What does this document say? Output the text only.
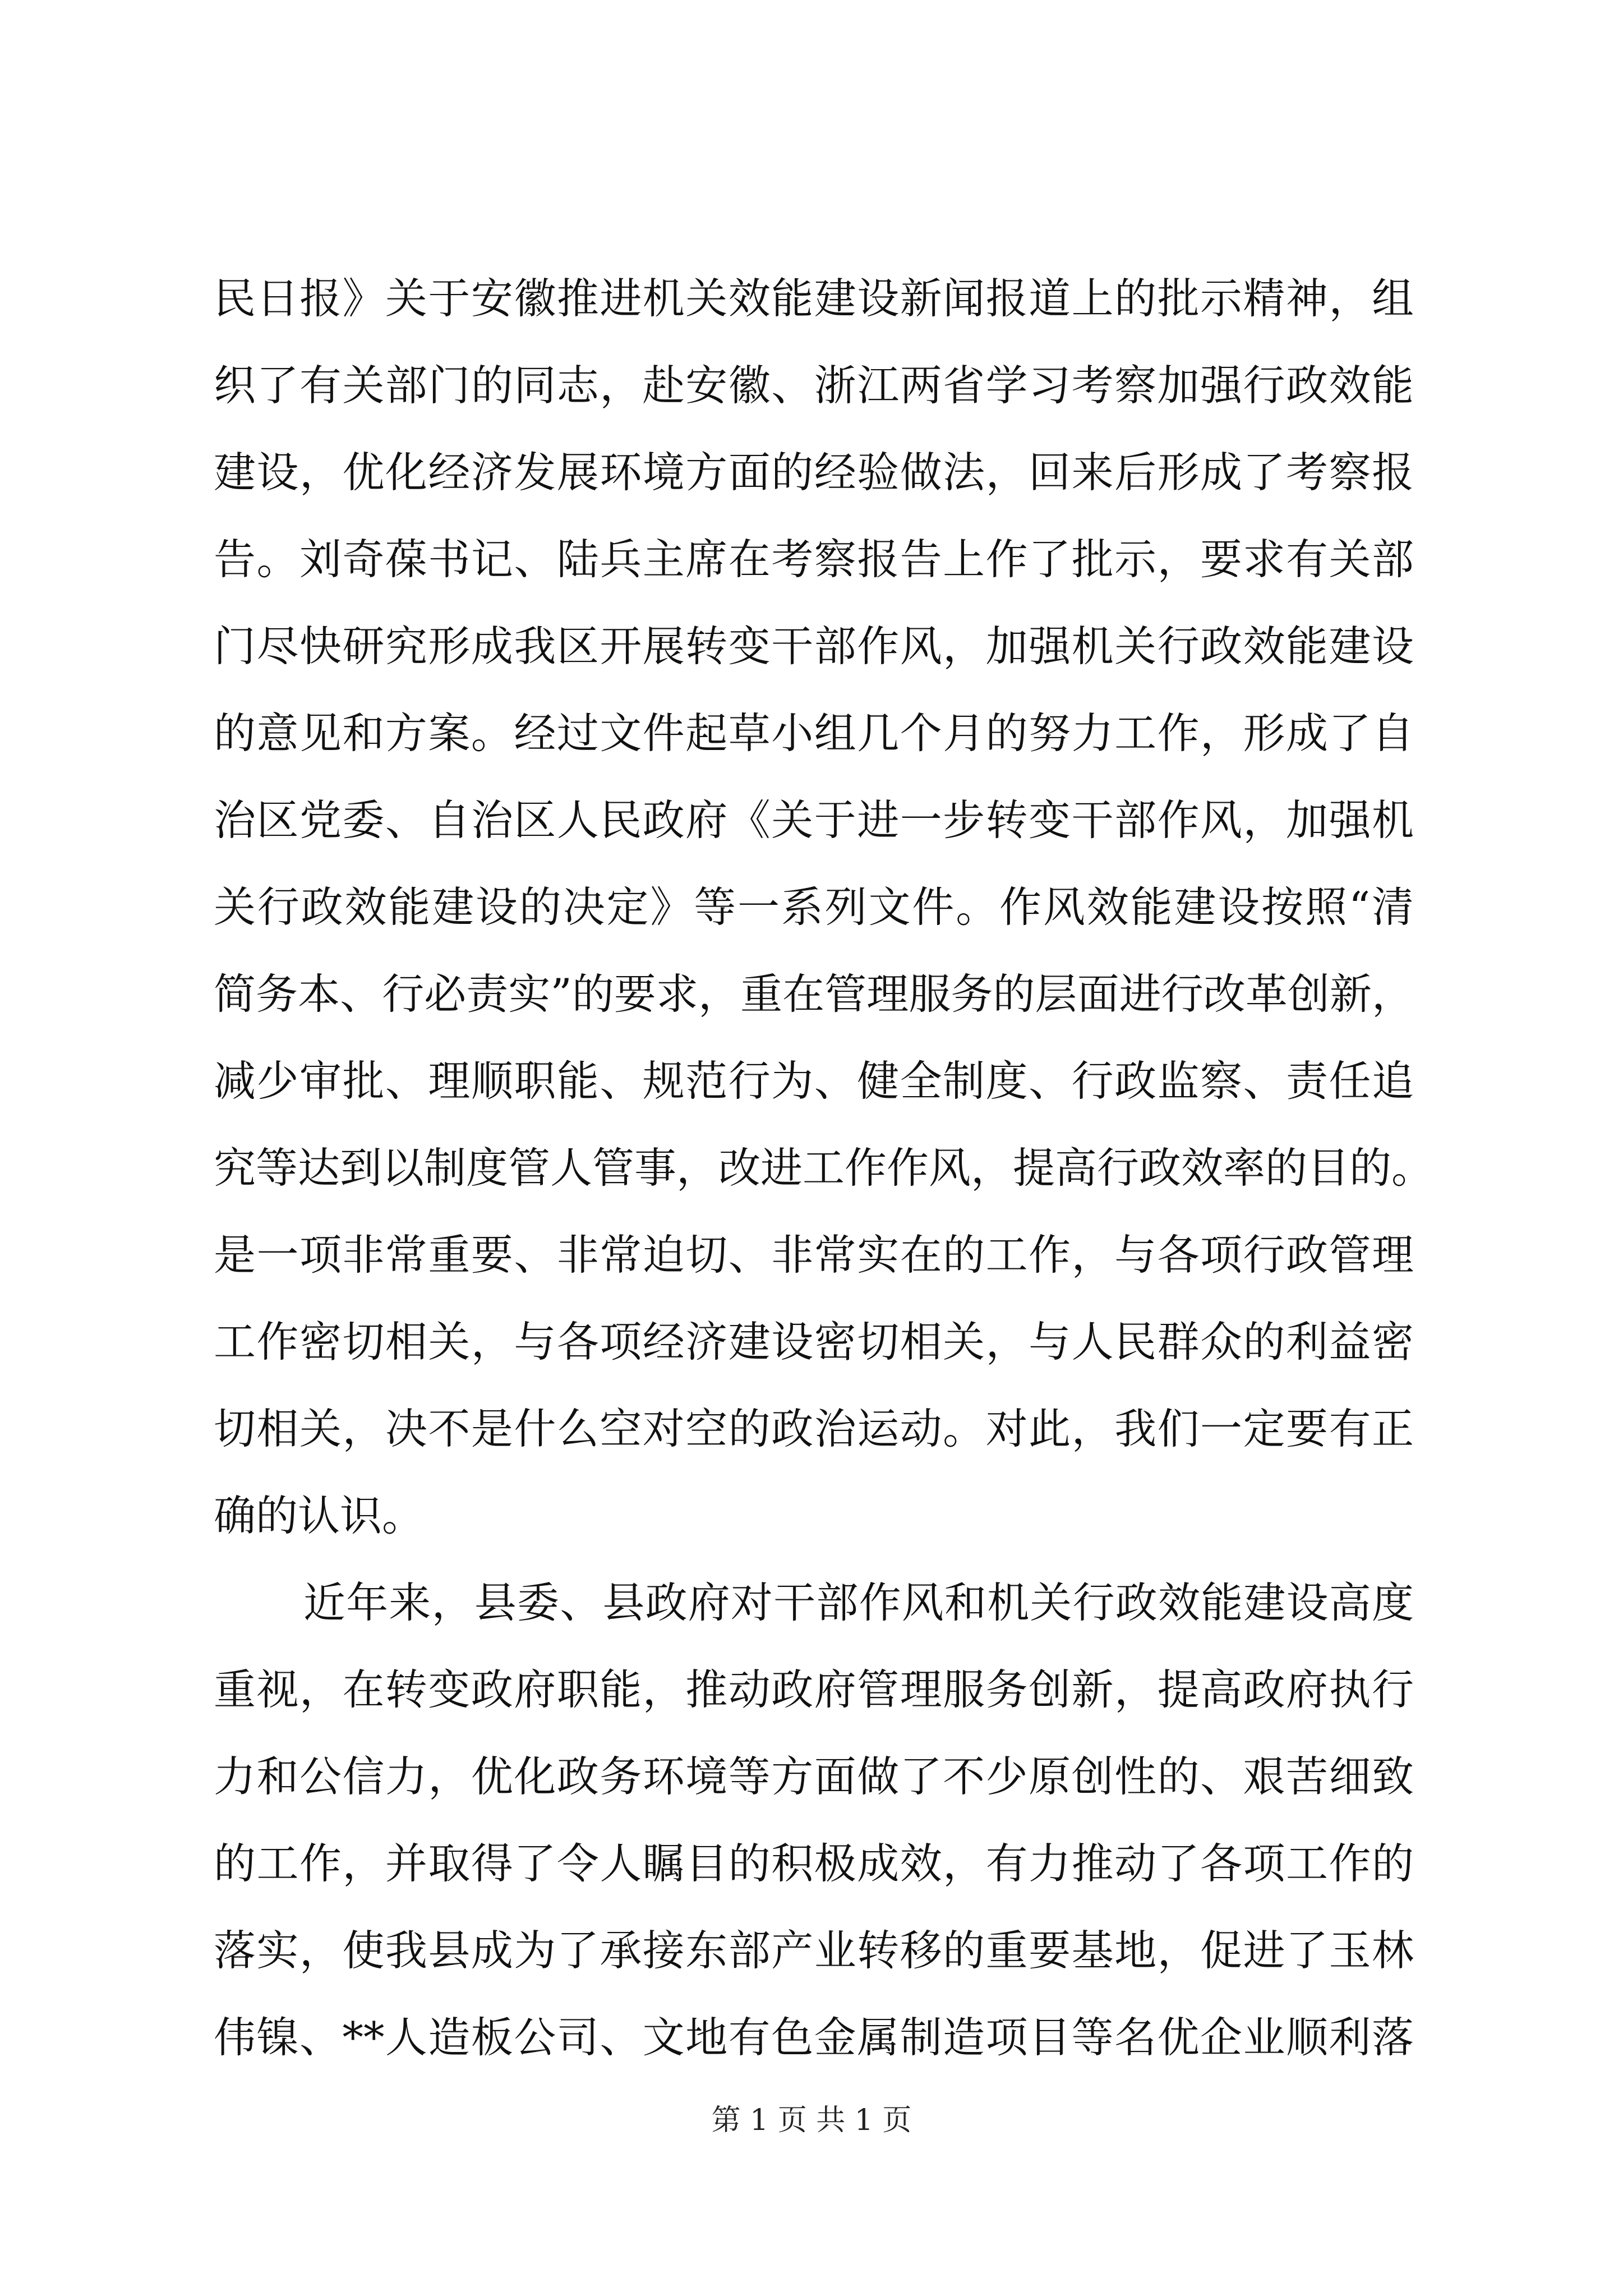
民日报》关于安徽推进机关效能建设新闻报道上的批示精神，组
织了有关部门的同志，赴安徽、浙江两省学习考察加强行政效能
建设，优化经济发展环境方面的经验做法，回来后形成了考察报
告。刘奇葆书记、陆兵主席在考察报告上作了批示，要求有关部
门尽快研究形成我区开展转变干部作风，加强机关行政效能建设
的意见和方案。经过文件起草小组几个月的努力工作，形成了自
治区党委、自治区人民政府《关于进一步转变干部作风，加强机
关行政效能建设的决定》等一系列文件。作风效能建设按照“清
简务本、行必责实”的要求，重在管理服务的层面进行改革创新，
减少审批、理顺职能、规范行为、健全制度、行政监察、责任追
究等达到以制度管人管事，改进工作作风，提高行政效率的目的。
是一项非常重要、非常迫切、非常实在的工作，与各项行政管理
工作密切相关，与各项经济建设密切相关，与人民群众的利益密
切相关，决不是什么空对空的政治运动。对此，我们一定要有正
确的认识。
近年来，县委、县政府对干部作风和机关行政效能建设高度
重视，在转变政府职能，推动政府管理服务创新，提高政府执行
力和公信力，优化政务环境等方面做了不少原创性的、艰苦细致
的工作，并取得了令人瞩目的积极成效，有力推动了各项工作的
落实，使我县成为了承接东部产业转移的重要基地，促进了玉林
伟镍、**人造板公司、文地有色金属制造项目等名优企业顺利落
第 1 页 共 1 页
